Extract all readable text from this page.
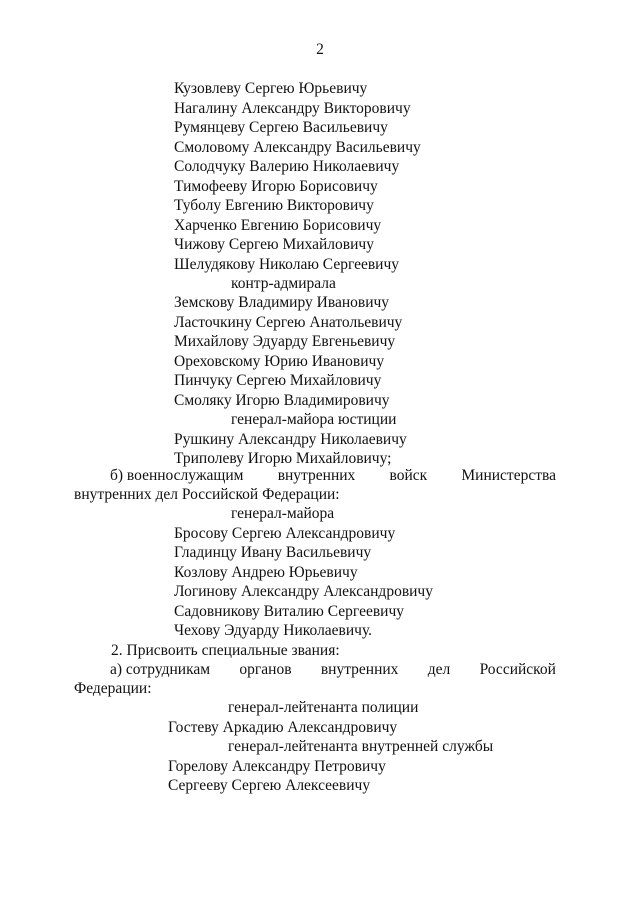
2
Кузовлеву Сергею Юрьевичу
Нагалину Александру Викторовичу
Румянцеву Сергею Васильевичу
Смоловому Александру Васильевичу
Солодчуку Валерию Николаевичу
Тимофееву Игорю Борисовичу
Туболу Евгению Викторовичу
Харченко Евгению Борисовичу
Чижову Сергею Михайловичу
Шелудякову Николаю Сергеевичу
контр-адмирала
Земскову Владимиру Ивановичу
Ласточкину Сергею Анатольевичу
Михайлову Эдуарду Евгеньевичу
Ореховскому Юрию Ивановичу
Пинчуку Сергею Михайловичу
Смоляку Игорю Владимировичу
генерал-майора юстиции
Рушкину Александру Николаевичу
Триполеву Игорю Михайловичу;
б) военнослужащим внутренних войск Министерства
внутренних дел Российской Федерации:
генерал-майора
Бросову Сергею Александровичу
Гладинцу Ивану Васильевичу
Козлову Андрею Юрьевичу
Логинову Александру Александровичу
Садовникову Виталию Сергеевичу
Чехову Эдуарду Николаевичу.
2. Присвоить специальные звания:
а) сотрудникам органов внутренних дел Российской
Федерации:
генерал-лейтенанта полиции
Гостеву Аркадию Александровичу
генерал-лейтенанта внутренней службы
Горелову Александру Петровичу
Сергееву Сергею Алексеевичу
